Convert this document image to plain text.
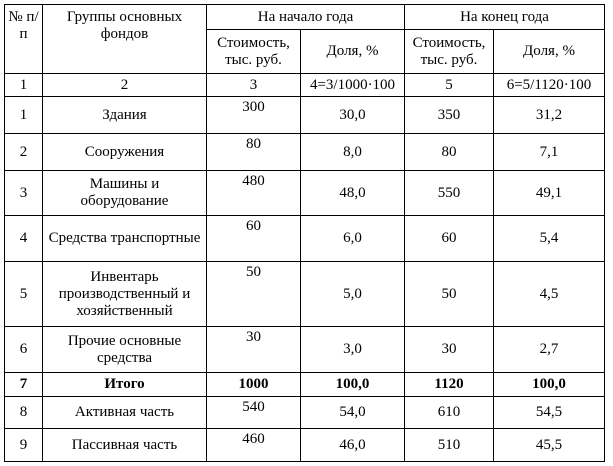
№ п/п	Группы основных фондов	На начало года		На конец года	
		Стоимость, тыс. руб.	Доля, %	Стоимость, тыс. руб.	Доля, %
1	2	3	4=3/1000·100	5	6=5/1120·100
1	Здания	300	30,0	350	31,2
2	Сооружения	80	8,0	80	7,1
3	Машины и оборудование	480	48,0	550	49,1
4	Средства транспортные	60	6,0	60	5,4
5	Инвентарь производственный и хозяйственный	50	5,0	50	4,5
6	Прочие основные средства	30	3,0	30	2,7
7	Итого	1000	100,0	1120	100,0
8	Активная часть	540	54,0	610	54,5
9	Пассивная часть	460	46,0	510	45,5
